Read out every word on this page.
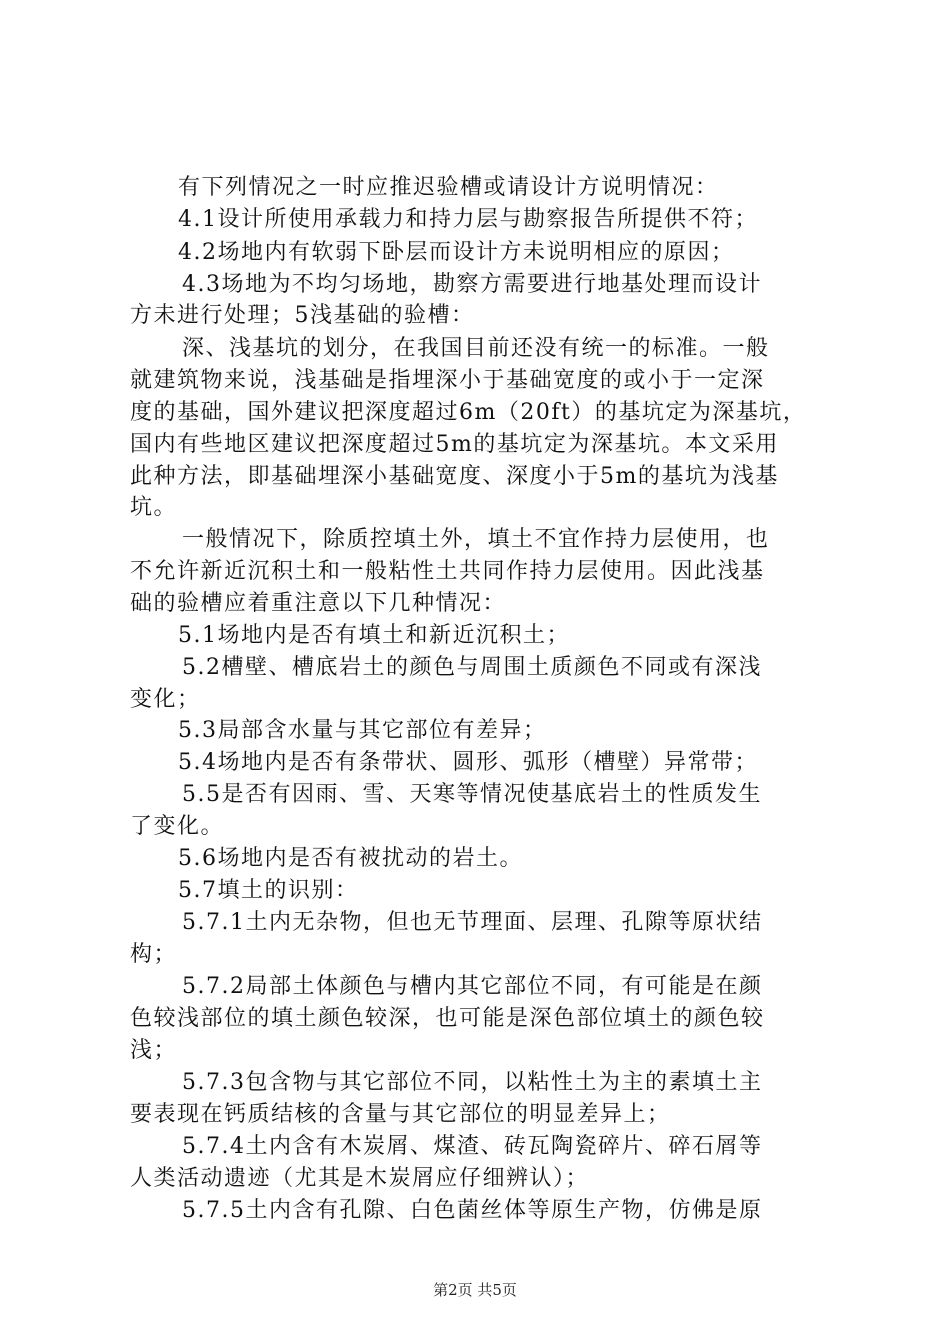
有下列情况之一时应推迟验槽或请设计方说明情况：
4.1设计所使用承载力和持力层与勘察报告所提供不符；
4.2场地内有软弱下卧层而设计方未说明相应的原因；
4.3场地为不均匀场地，勘察方需要进行地基处理而设计
方未进行处理；5浅基础的验槽：
深、浅基坑的划分，在我国目前还没有统一的标准。一般
就建筑物来说，浅基础是指埋深小于基础宽度的或小于一定深
度的基础，国外建议把深度超过6m（20ft）的基坑定为深基坑，
国内有些地区建议把深度超过5m的基坑定为深基坑。本文采用
此种方法，即基础埋深小基础宽度、深度小于5m的基坑为浅基
坑。
一般情况下，除质控填土外，填土不宜作持力层使用，也
不允许新近沉积土和一般粘性土共同作持力层使用。因此浅基
础的验槽应着重注意以下几种情况：
5.1场地内是否有填土和新近沉积土；
5.2槽壁、槽底岩土的颜色与周围土质颜色不同或有深浅
变化；
5.3局部含水量与其它部位有差异；
5.4场地内是否有条带状、圆形、弧形（槽壁）异常带；
5.5是否有因雨、雪、天寒等情况使基底岩土的性质发生
了变化。
5.6场地内是否有被扰动的岩土。
5.7填土的识别：
5.7.1土内无杂物，但也无节理面、层理、孔隙等原状结
构；
5.7.2局部土体颜色与槽内其它部位不同，有可能是在颜
色较浅部位的填土颜色较深，也可能是深色部位填土的颜色较
浅；
5.7.3包含物与其它部位不同，以粘性土为主的素填土主
要表现在钙质结核的含量与其它部位的明显差异上；
5.7.4土内含有木炭屑、煤渣、砖瓦陶瓷碎片、碎石屑等
人类活动遗迹（尤其是木炭屑应仔细辨认）；
5.7.5土内含有孔隙、白色菌丝体等原生产物，仿佛是原
第2页 共5页
